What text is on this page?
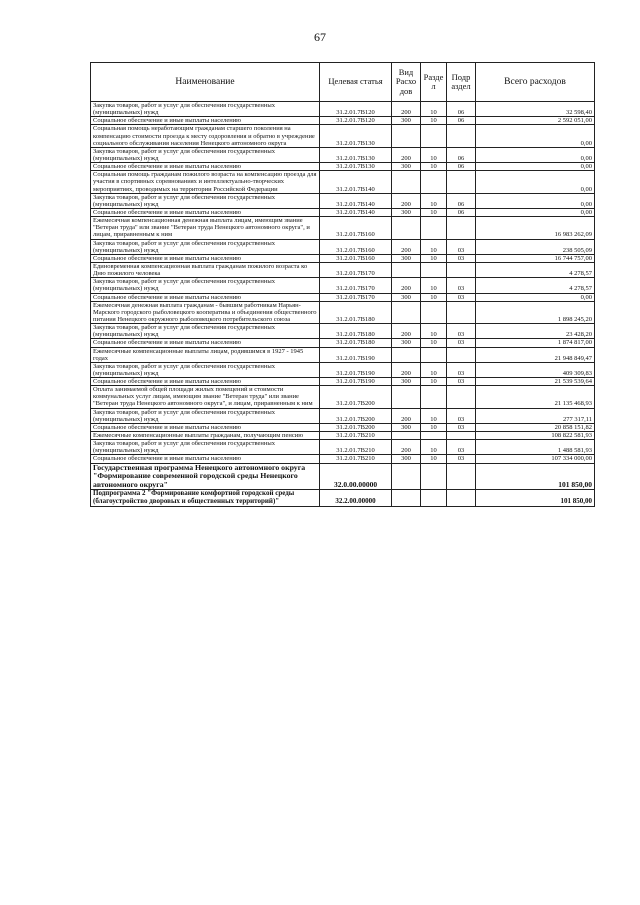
67
Наименование	Целевая статья	Вид Расхо дов	Разде л	Подр аздел	Всего расходов
Закупка товаров, работ и услуг для обеспечения государственных (муниципальных) нужд	31.2.01.7В120	200	10	06	32 598,40
Социальное обеспечение и иные выплаты населению	31.2.01.7В120	300	10	06	2 592 051,00
Социальная помощь неработающим гражданам старшего поколения на компенсацию стоимости проезда к месту оздоровления и обратно в учреждение социального обслуживания населения Ненецкого автономного округа	31.2.01.7В130				0,00
Закупка товаров, работ и услуг для обеспечения государственных (муниципальных) нужд	31.2.01.7В130	200	10	06	0,00
Социальное обеспечение и иные выплаты населению	31.2.01.7В130	300	10	06	0,00
Социальная помощь гражданам пожилого возраста на компенсацию проезда для участия в спортивных соревнованиях и интеллектуально-творческих мероприятиях, проводимых на территории Российской Федерации	31.2.01.7В140				0,00
Закупка товаров, работ и услуг для обеспечения государственных (муниципальных) нужд	31.2.01.7В140	200	10	06	0,00
Социальное обеспечение и иные выплаты населению	31.2.01.7В140	300	10	06	0,00
Ежемесячная компенсационная денежная выплата лицам, имеющим звание "Ветеран труда" или звание "Ветеран труда Ненецкого автономного округа", и лицам, приравненным к ним	31.2.01.7В160				16 983 262,09
Закупка товаров, работ и услуг для обеспечения государственных (муниципальных) нужд	31.2.01.7В160	200	10	03	238 505,09
Социальное обеспечение и иные выплаты населению	31.2.01.7В160	300	10	03	16 744 757,00
Единовременная компенсационная выплата гражданам пожилого возраста ко Дню пожилого человека	31.2.01.7В170				4 278,57
Закупка товаров, работ и услуг для обеспечения государственных (муниципальных) нужд	31.2.01.7В170	200	10	03	4 278,57
Социальное обеспечение и иные выплаты населению	31.2.01.7В170	300	10	03	0,00
Ежемесячная денежная выплата гражданам - бывшим работникам Нарьян-Марского городского рыболовецкого кооператива и объединения общественного питания Ненецкого окружного рыболовецкого потребительского союза	31.2.01.7В180				1 898 245,20
Закупка товаров, работ и услуг для обеспечения государственных (муниципальных) нужд	31.2.01.7В180	200	10	03	23 428,20
Социальное обеспечение и иные выплаты населению	31.2.01.7В180	300	10	03	1 874 817,00
Ежемесячные компенсационные выплаты лицам, родившимся в 1927 - 1945 годах	31.2.01.7В190				21 948 849,47
Закупка товаров, работ и услуг для обеспечения государственных (муниципальных) нужд	31.2.01.7В190	200	10	03	409 309,83
Социальное обеспечение и иные выплаты населению	31.2.01.7В190	300	10	03	21 539 539,64
Оплата занимаемой общей площади жилых помещений и стоимости коммунальных услуг лицам, имеющим звание "Ветеран труда" или звание "Ветеран труда Ненецкого автономного округа", и лицам, приравненным к ним	31.2.01.7В200				21 135 468,93
Закупка товаров, работ и услуг для обеспечения государственных (муниципальных) нужд	31.2.01.7В200	200	10	03	277 317,11
Социальное обеспечение и иные выплаты населению	31.2.01.7В200	300	10	03	20 858 151,82
Ежемесячные компенсационные выплаты гражданам, получающим пенсию	31.2.01.7В210				108 822 581,93
Закупка товаров, работ и услуг для обеспечения государственных (муниципальных) нужд	31.2.01.7В210	200	10	03	1 488 581,93
Социальное обеспечение и иные выплаты населению	31.2.01.7В210	300	10	03	107 334 000,00
Государственная программа Ненецкого автономного округа "Формирование современной городской среды Ненецкого автономного округа"	32.0.00.00000				101 850,00
Подпрограмма 2 "Формирование комфортной городской среды (благоустройство дворовых и общественных территорий)"	32.2.00.00000				101 850,00
